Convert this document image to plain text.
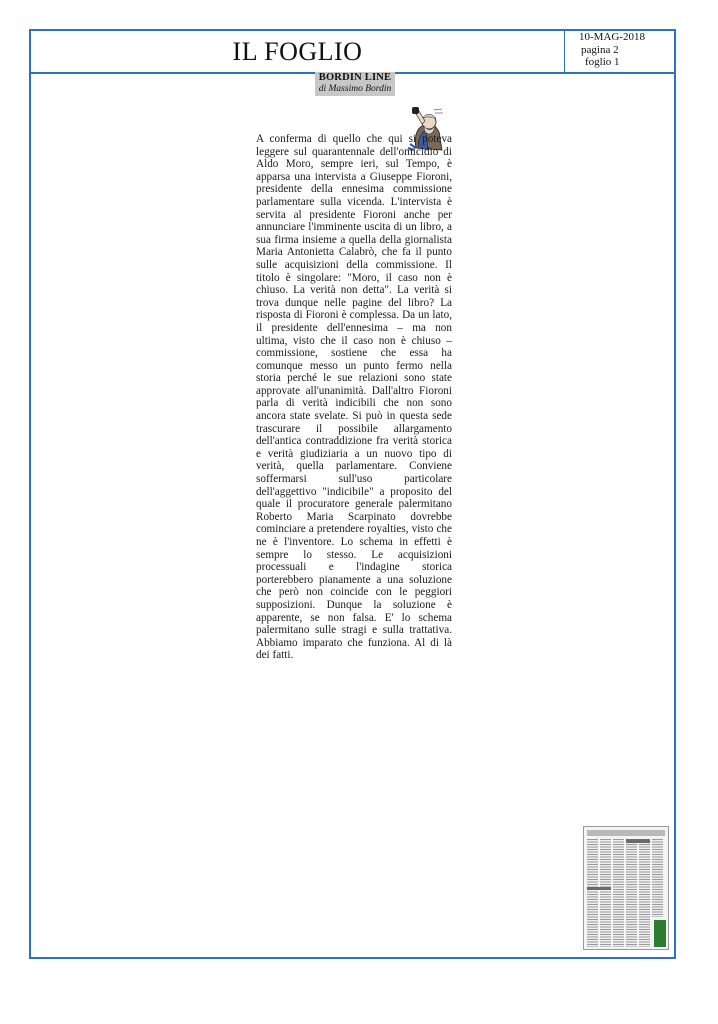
IL FOGLIO	10-MAG-2018
pagina 2
foglio 1
BORDIN LINE
di Massimo Bordin

A conferma di quello che qui si poteva leggere sul quarantennale dell'omicidio di Aldo Moro, sempre ieri, sul Tempo, è apparsa una intervista a Giuseppe Fioroni, presidente della ennesima commissione parlamentare sulla vicenda. L'intervista è servita al presidente Fioroni anche per annunciare l'imminente uscita di un libro, a sua firma insieme a quella della giornalista Maria Antonietta Calabrò, che fa il punto sulle acquisizioni della commissione. Il titolo è singolare: "Moro, il caso non è chiuso. La verità non detta". La verità si trova dunque nelle pagine del libro? La risposta di Fioroni è complessa. Da un lato, il presidente dell'ennesima – ma non ultima, visto che il caso non è chiuso – commissione, sostiene che essa ha comunque messo un punto fermo nella storia perché le sue relazioni sono state approvate all'unanimità. Dall'altro Fioroni parla di verità indicibili che non sono ancora state svelate. Si può in questa sede trascurare il possibile allargamento dell'antica contraddizione fra verità storica e verità giudiziaria a un nuovo tipo di verità, quella parlamentare. Conviene soffermarsi sull'uso particolare dell'aggettivo "indicibile" a proposito del quale il procuratore generale palermitano Roberto Maria Scarpinato dovrebbe cominciare a pretendere royalties, visto che ne è l'inventore. Lo schema in effetti è sempre lo stesso. Le acquisizioni processuali e l'indagine storica porterebbero pianamente a una soluzione che però non coincide con le peggiori supposizioni. Dunque la soluzione è apparente, se non falsa. E' lo schema palermitano sulle stragi e sulla trattativa. Abbiamo imparato che funziona. Al di là dei fatti.
